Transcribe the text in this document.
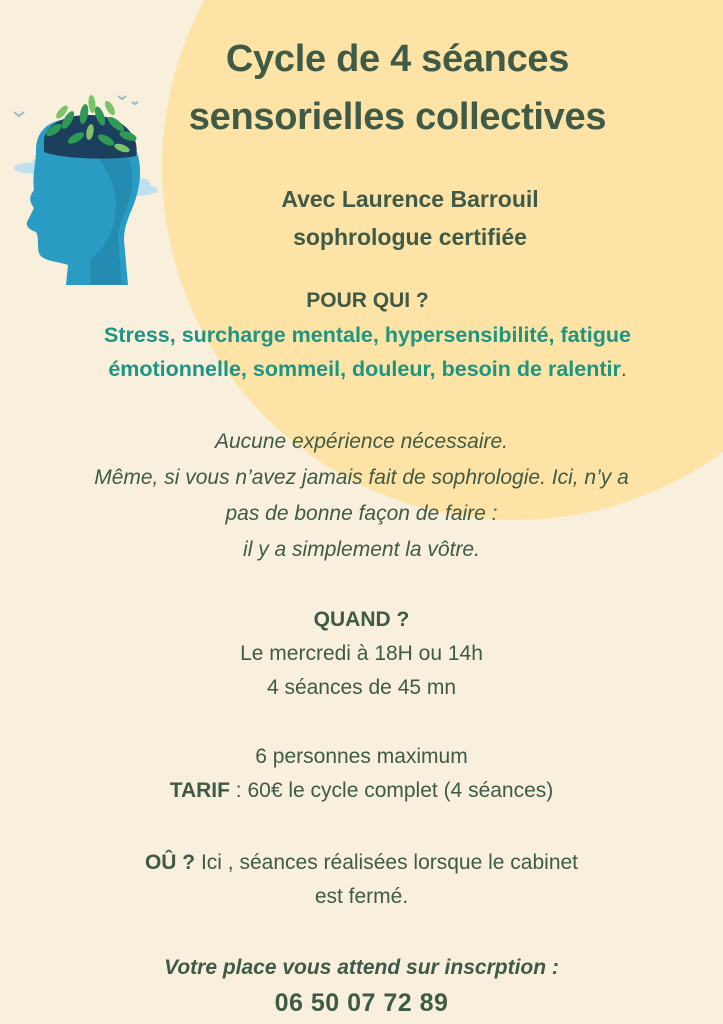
Cycle de 4 séances
sensorielles collectives
Avec Laurence Barrouil
sophrologue certifiée
POUR QUI ?
Stress, surcharge mentale, hypersensibilité, fatigue
émotionnelle, sommeil, douleur, besoin de ralentir.
Aucune expérience nécessaire.
Même, si vous n’avez jamais fait de sophrologie. Ici, n’y a
pas de bonne façon de faire :
il y a simplement la vôtre.
QUAND ?
Le mercredi à 18H ou 14h
4 séances de 45 mn
6 personnes maximum
TARIF : 60€ le cycle complet (4 séances)
OÛ ? Ici , séances réalisées lorsque le cabinet
est fermé.
Votre place vous attend sur inscrption :
06 50 07 72 89
